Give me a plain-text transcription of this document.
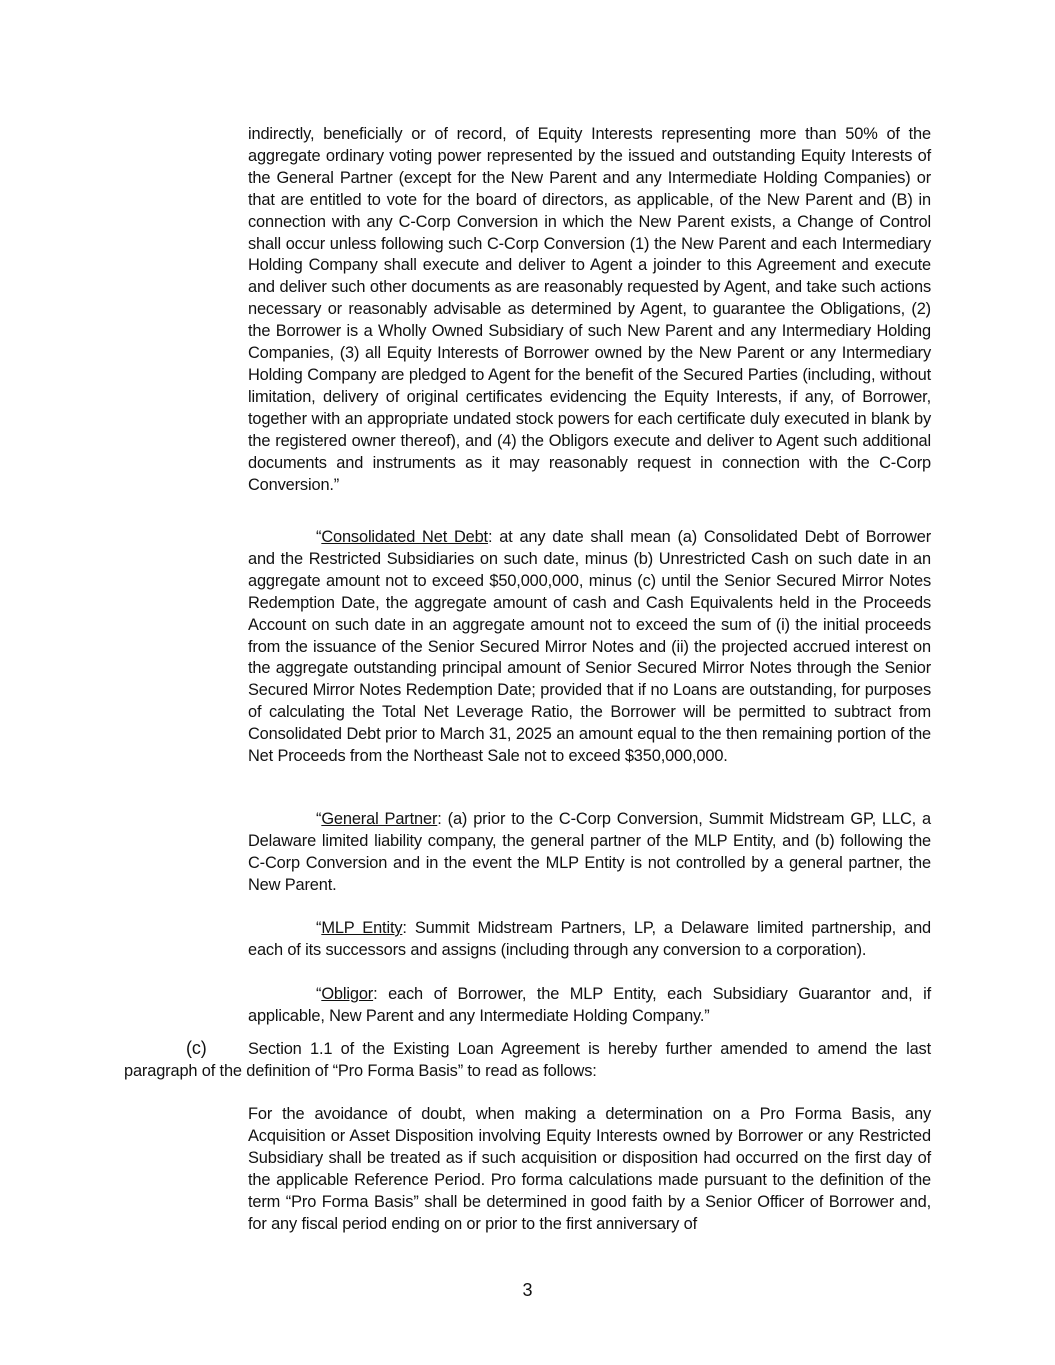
indirectly, beneficially or of record, of Equity Interests representing more than 50% of the aggregate ordinary voting power represented by the issued and outstanding Equity Interests of the General Partner (except for the New Parent and any Intermediate Holding Companies) or that are entitled to vote for the board of directors, as applicable, of the New Parent and (B) in connection with any C-Corp Conversion in which the New Parent exists, a Change of Control shall occur unless following such C-Corp Conversion (1) the New Parent and each Intermediary Holding Company shall execute and deliver to Agent a joinder to this Agreement and execute and deliver such other documents as are reasonably requested by Agent, and take such actions necessary or reasonably advisable as determined by Agent, to guarantee the Obligations, (2) the Borrower is a Wholly Owned Subsidiary of such New Parent and any Intermediary Holding Companies, (3) all Equity Interests of Borrower owned by the New Parent or any Intermediary Holding Company are pledged to Agent for the benefit of the Secured Parties (including, without limitation, delivery of original certificates evidencing the Equity Interests, if any, of Borrower, together with an appropriate undated stock powers for each certificate duly executed in blank by the registered owner thereof), and (4) the Obligors execute and deliver to Agent such additional documents and instruments as it may reasonably request in connection with the C-Corp Conversion.”

“Consolidated Net Debt: at any date shall mean (a) Consolidated Debt of Borrower and the Restricted Subsidiaries on such date, minus (b) Unrestricted Cash on such date in an aggregate amount not to exceed $50,000,000, minus (c) until the Senior Secured Mirror Notes Redemption Date, the aggregate amount of cash and Cash Equivalents held in the Proceeds Account on such date in an aggregate amount not to exceed the sum of (i) the initial proceeds from the issuance of the Senior Secured Mirror Notes and (ii) the projected accrued interest on the aggregate outstanding principal amount of Senior Secured Mirror Notes through the Senior Secured Mirror Notes Redemption Date; provided that if no Loans are outstanding, for purposes of calculating the Total Net Leverage Ratio, the Borrower will be permitted to subtract from Consolidated Debt prior to March 31, 2025 an amount equal to the then remaining portion of the Net Proceeds from the Northeast Sale not to exceed $350,000,000.

“General Partner: (a) prior to the C-Corp Conversion, Summit Midstream GP, LLC, a Delaware limited liability company, the general partner of the MLP Entity, and (b) following the C-Corp Conversion and in the event the MLP Entity is not controlled by a general partner, the New Parent.

“MLP Entity: Summit Midstream Partners, LP, a Delaware limited partnership, and each of its successors and assigns (including through any conversion to a corporation).

“Obligor: each of Borrower, the MLP Entity, each Subsidiary Guarantor and, if applicable, New Parent and any Intermediate Holding Company.”

(c)	Section 1.1 of the Existing Loan Agreement is hereby further amended to amend the last
paragraph of the definition of “Pro Forma Basis” to read as follows:

For the avoidance of doubt, when making a determination on a Pro Forma Basis, any Acquisition or Asset Disposition involving Equity Interests owned by Borrower or any Restricted Subsidiary shall be treated as if such acquisition or disposition had occurred on the first day of the applicable Reference Period. Pro forma calculations made pursuant to the definition of the term “Pro Forma Basis” shall be determined in good faith by a Senior Officer of Borrower and, for any fiscal period ending on or prior to the first anniversary of

3
